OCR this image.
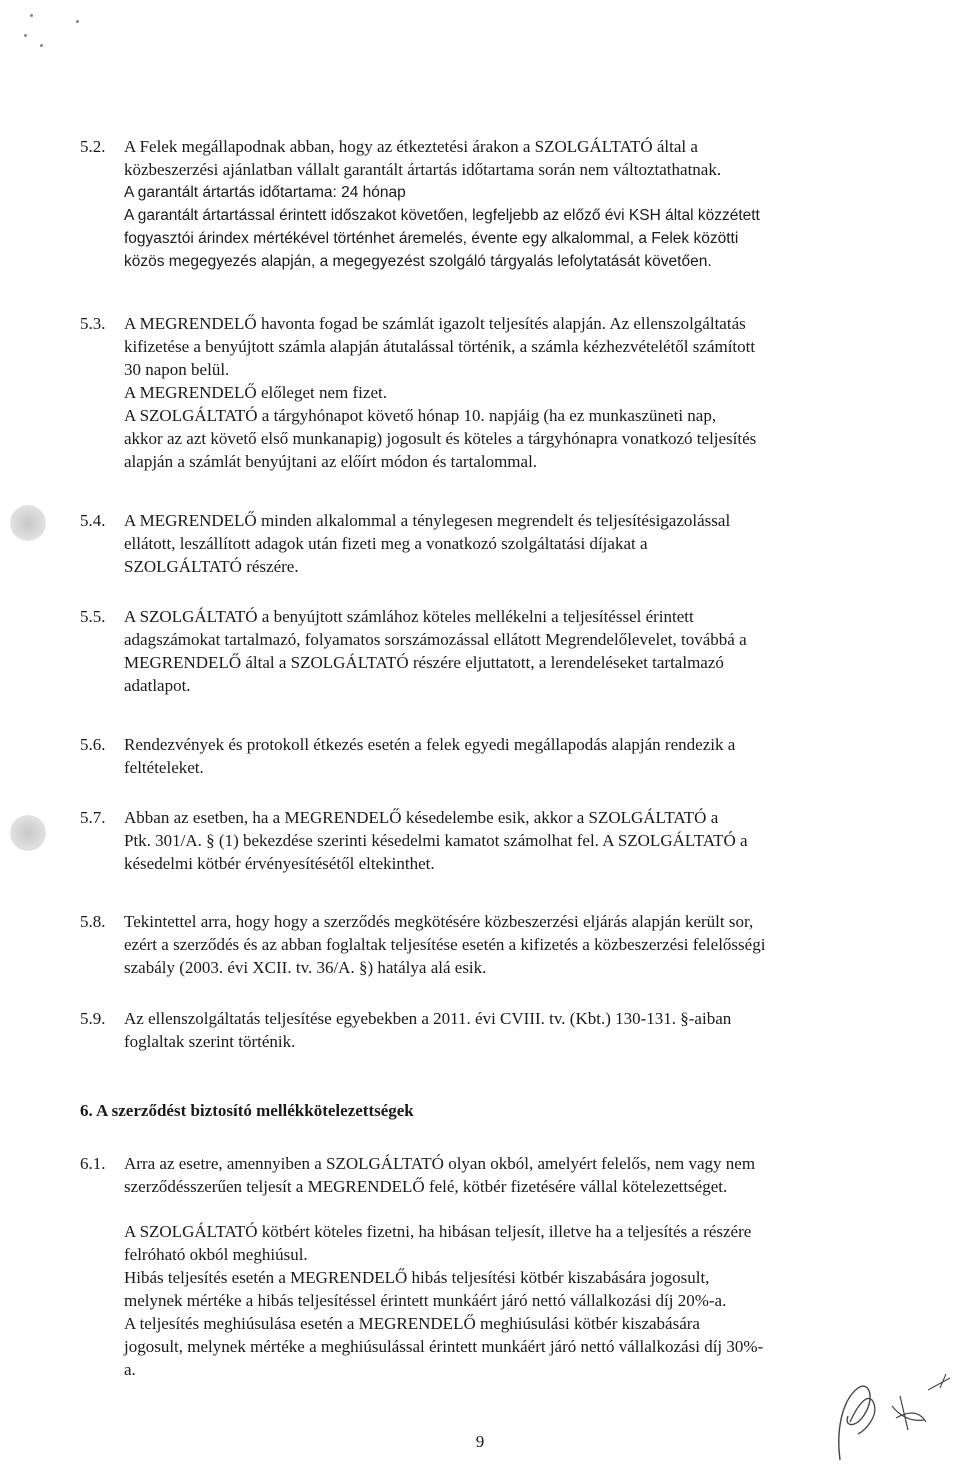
5.2.	A Felek megállapodnak abban, hogy az étkeztetési árakon a SZOLGÁLTATÓ által a
közbeszerzési ajánlatban vállalt garantált ártartás időtartama során nem változtathatnak.
A garantált ártartás időtartama: 24 hónap
A garantált ártartással érintett időszakot követően, legfeljebb az előző évi KSH által közzétett
fogyasztói árindex mértékével történhet áremelés, évente egy alkalommal, a Felek közötti
közös megegyezés alapján, a megegyezést szolgáló tárgyalás lefolytatását követően.
5.3.	A MEGRENDELŐ havonta fogad be számlát igazolt teljesítés alapján. Az ellenszolgáltatás
kifizetése a benyújtott számla alapján átutalással történik, a számla kézhezvételétől számított
30 napon belül.
A MEGRENDELŐ előleget nem fizet.
A SZOLGÁLTATÓ a tárgyhónapot követő hónap 10. napjáig (ha ez munkaszüneti nap,
akkor az azt követő első munkanapig) jogosult és köteles a tárgyhónapra vonatkozó teljesítés
alapján a számlát benyújtani az előírt módon és tartalommal.
5.4.	A MEGRENDELŐ minden alkalommal a ténylegesen megrendelt és teljesítésigazolással
ellátott, leszállított adagok után fizeti meg a vonatkozó szolgáltatási díjakat a
SZOLGÁLTATÓ részére.
5.5.	A SZOLGÁLTATÓ a benyújtott számlához köteles mellékelni a teljesítéssel érintett
adagszámokat tartalmazó, folyamatos sorszámozással ellátott Megrendelőlevelet, továbbá a
MEGRENDELŐ által a SZOLGÁLTATÓ részére eljuttatott, a lerendeléseket tartalmazó
adatlapot.
5.6.	Rendezvények és protokoll étkezés esetén a felek egyedi megállapodás alapján rendezik a
feltételeket.
5.7.	Abban az esetben, ha a MEGRENDELŐ késedelembe esik, akkor a SZOLGÁLTATÓ a
Ptk. 301/A. § (1) bekezdése szerinti késedelmi kamatot számolhat fel. A SZOLGÁLTATÓ a
késedelmi kötbér érvényesítésétől eltekinthet.
5.8.	Tekintettel arra, hogy hogy a szerződés megkötésére közbeszerzési eljárás alapján került sor,
ezért a szerződés és az abban foglaltak teljesítése esetén a kifizetés a közbeszerzési felelősségi
szabály (2003. évi XCII. tv. 36/A. §) hatálya alá esik.
5.9.	Az ellenszolgáltatás teljesítése egyebekben a 2011. évi CVIII. tv. (Kbt.) 130-131. §-aiban
foglaltak szerint történik.
6. A szerződést biztosító mellékkötelezettségek
6.1.	Arra az esetre, amennyiben a SZOLGÁLTATÓ olyan okból, amelyért felelős, nem vagy nem
szerződésszerűen teljesít a MEGRENDELŐ felé, kötbér fizetésére vállal kötelezettséget.
A SZOLGÁLTATÓ kötbért köteles fizetni, ha hibásan teljesít, illetve ha a teljesítés a részére
felróható okból meghiúsul.
Hibás teljesítés esetén a MEGRENDELŐ hibás teljesítési kötbér kiszabására jogosult,
melynek mértéke a hibás teljesítéssel érintett munkáért járó nettó vállalkozási díj 20%-a.
A teljesítés meghiúsulása esetén a MEGRENDELŐ meghiúsulási kötbér kiszabására
jogosult, melynek mértéke a meghiúsulással érintett munkáért járó nettó vállalkozási díj 30%-
a.
9
